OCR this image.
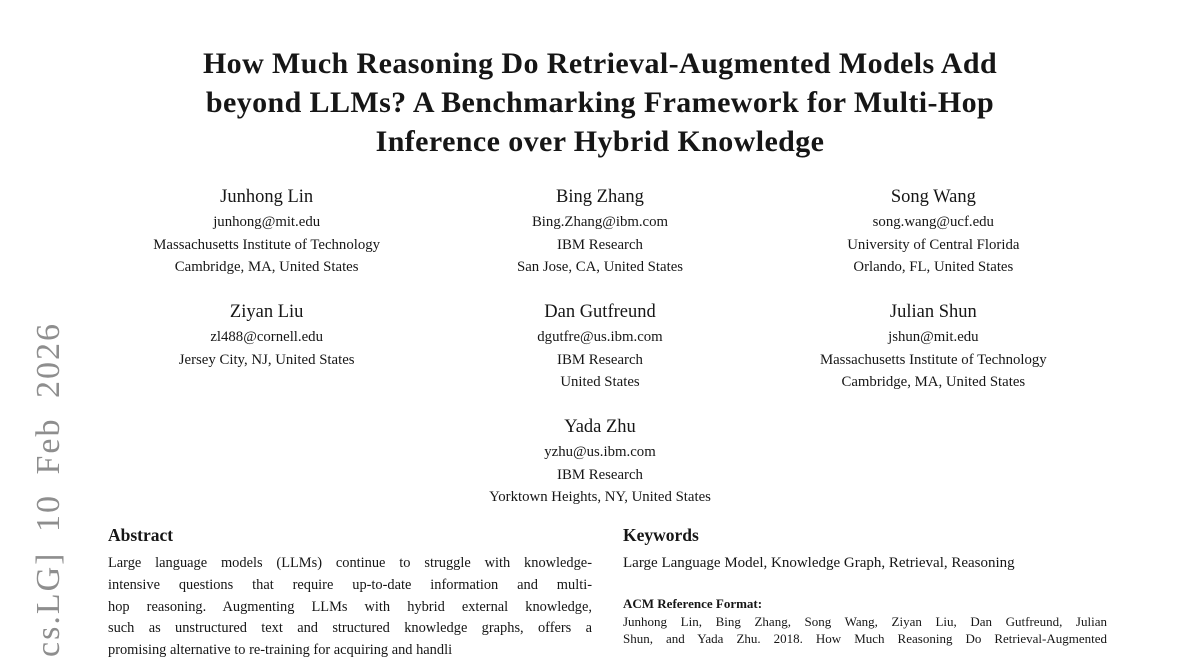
cs.LG] 10 Feb 2026
How Much Reasoning Do Retrieval-Augmented Models Add
beyond LLMs? A Benchmarking Framework for Multi-Hop
Inference over Hybrid Knowledge
Junhong Lin
junhong@mit.edu
Massachusetts Institute of Technology
Cambridge, MA, United States
Bing Zhang
Bing.Zhang@ibm.com
IBM Research
San Jose, CA, United States
Song Wang
song.wang@ucf.edu
University of Central Florida
Orlando, FL, United States
Ziyan Liu
zl488@cornell.edu
Jersey City, NJ, United States
Dan Gutfreund
dgutfre@us.ibm.com
IBM Research
United States
Julian Shun
jshun@mit.edu
Massachusetts Institute of Technology
Cambridge, MA, United States
Yada Zhu
yzhu@us.ibm.com
IBM Research
Yorktown Heights, NY, United States
Abstract
Large language models (LLMs) continue to struggle with knowledge-
intensive questions that require up-to-date information and multi-
hop reasoning. Augmenting LLMs with hybrid external knowledge,
such as unstructured text and structured knowledge graphs, offers a
promising alternative to re-training for acquiring and handli
Keywords
Large Language Model, Knowledge Graph, Retrieval, Reasoning
ACM Reference Format:
Junhong Lin, Bing Zhang, Song Wang, Ziyan Liu, Dan Gutfreund, Julian
Shun, and Yada Zhu. 2018. How Much Reasoning Do Retrieval-Augmented
